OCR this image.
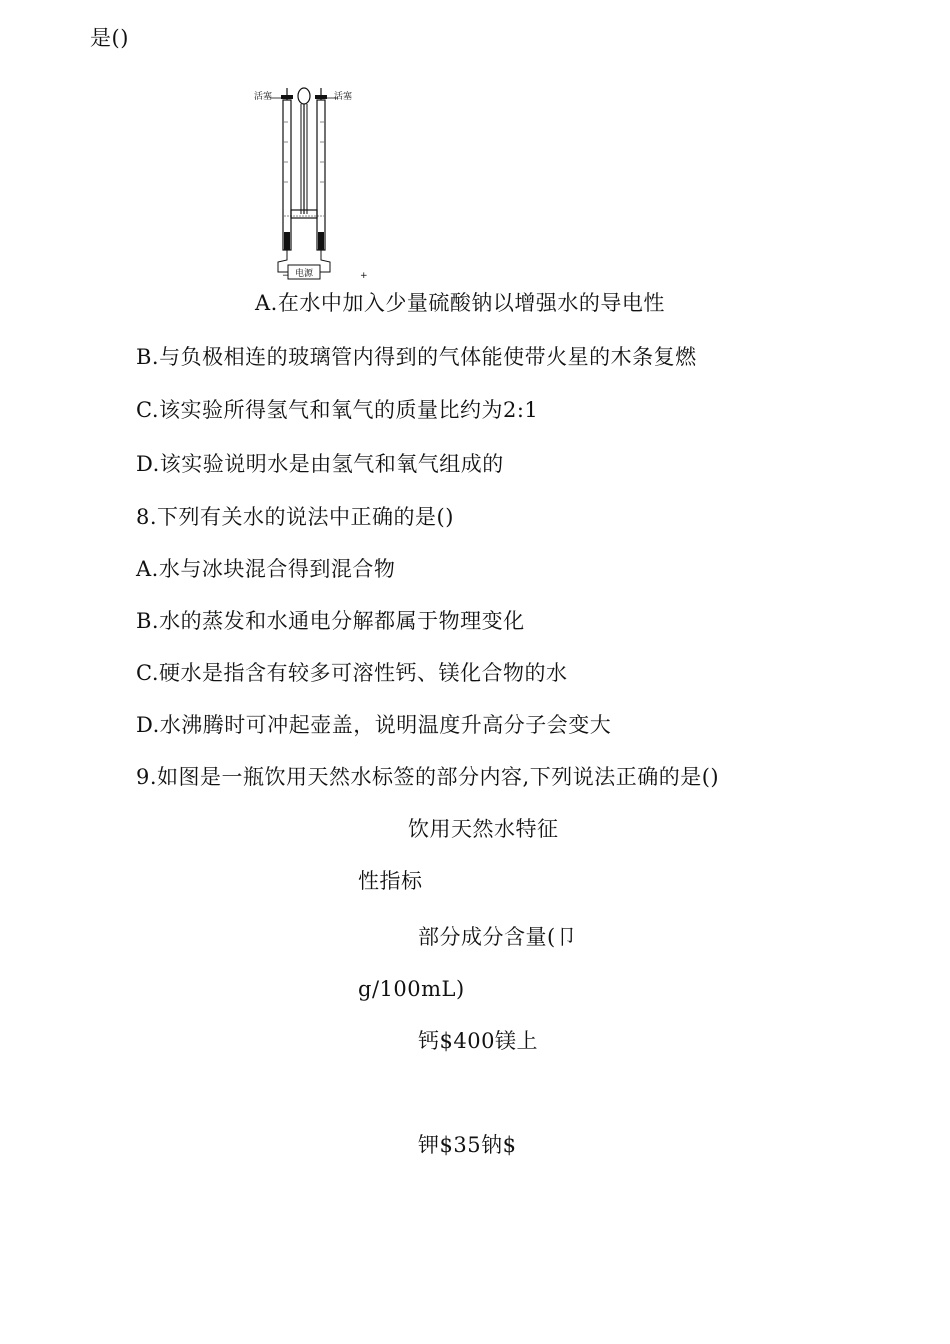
是()
电源
活塞	活塞
−	+
A.在水中加入少量硫酸钠以增强水的导电性
B.与负极相连的玻璃管内得到的气体能使带火星的木条复燃
C.该实验所得氢气和氧气的质量比约为2:1
D.该实验说明水是由氢气和氧气组成的
8.下列有关水的说法中正确的是()
A.水与冰块混合得到混合物
B.水的蒸发和水通电分解都属于物理变化
C.硬水是指含有较多可溶性钙、镁化合物的水
D.水沸腾时可冲起壶盖，说明温度升高分子会变大
9.如图是一瓶饮用天然水标签的部分内容,下列说法正确的是()
饮用天然水特征
性指标
部分成分含量(卩
g/100mL)
钙$400镁上
钾$35钠$
